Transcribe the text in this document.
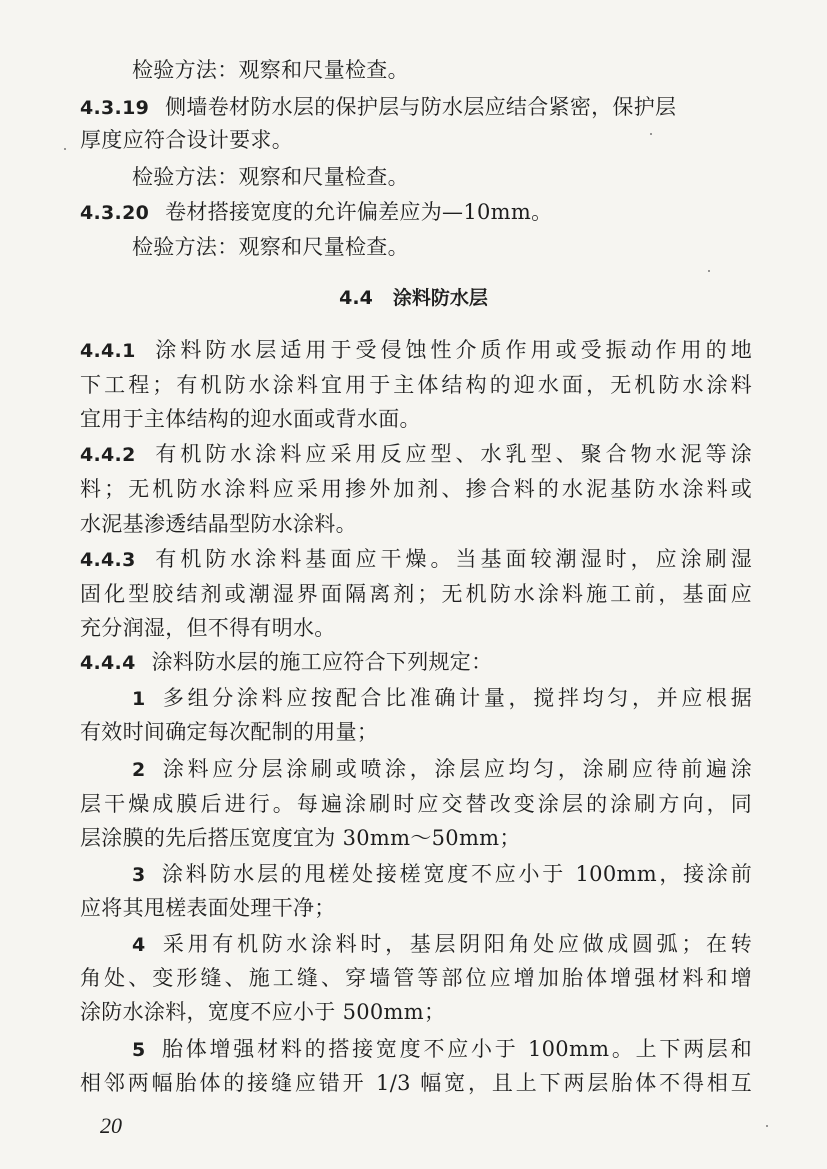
检验方法：观察和尺量检查。
4.3.19 侧墙卷材防水层的保护层与防水层应结合紧密，保护层
厚度应符合设计要求。
检验方法：观察和尺量检查。
4.3.20 卷材搭接宽度的允许偏差应为—10mm。
检验方法：观察和尺量检查。
4.4 涂料防水层
4.4.1 涂料防水层适用于受侵蚀性介质作用或受振动作用的地
下工程；有机防水涂料宜用于主体结构的迎水面，无机防水涂料
宜用于主体结构的迎水面或背水面。
4.4.2 有机防水涂料应采用反应型、水乳型、聚合物水泥等涂
料；无机防水涂料应采用掺外加剂、掺合料的水泥基防水涂料或
水泥基渗透结晶型防水涂料。
4.4.3 有机防水涂料基面应干燥。当基面较潮湿时，应涂刷湿
固化型胶结剂或潮湿界面隔离剂；无机防水涂料施工前，基面应
充分润湿，但不得有明水。
4.4.4 涂料防水层的施工应符合下列规定：
1 多组分涂料应按配合比准确计量，搅拌均匀，并应根据
有效时间确定每次配制的用量；
2 涂料应分层涂刷或喷涂，涂层应均匀，涂刷应待前遍涂
层干燥成膜后进行。每遍涂刷时应交替改变涂层的涂刷方向，同
层涂膜的先后搭压宽度宜为 30mm～50mm；
3 涂料防水层的甩槎处接槎宽度不应小于 100mm，接涂前
应将其甩槎表面处理干净；
4 采用有机防水涂料时，基层阴阳角处应做成圆弧；在转
角处、变形缝、施工缝、穿墙管等部位应增加胎体增强材料和增
涂防水涂料，宽度不应小于 500mm；
5 胎体增强材料的搭接宽度不应小于 100mm。上下两层和
相邻两幅胎体的接缝应错开 1/3 幅宽，且上下两层胎体不得相互
20
